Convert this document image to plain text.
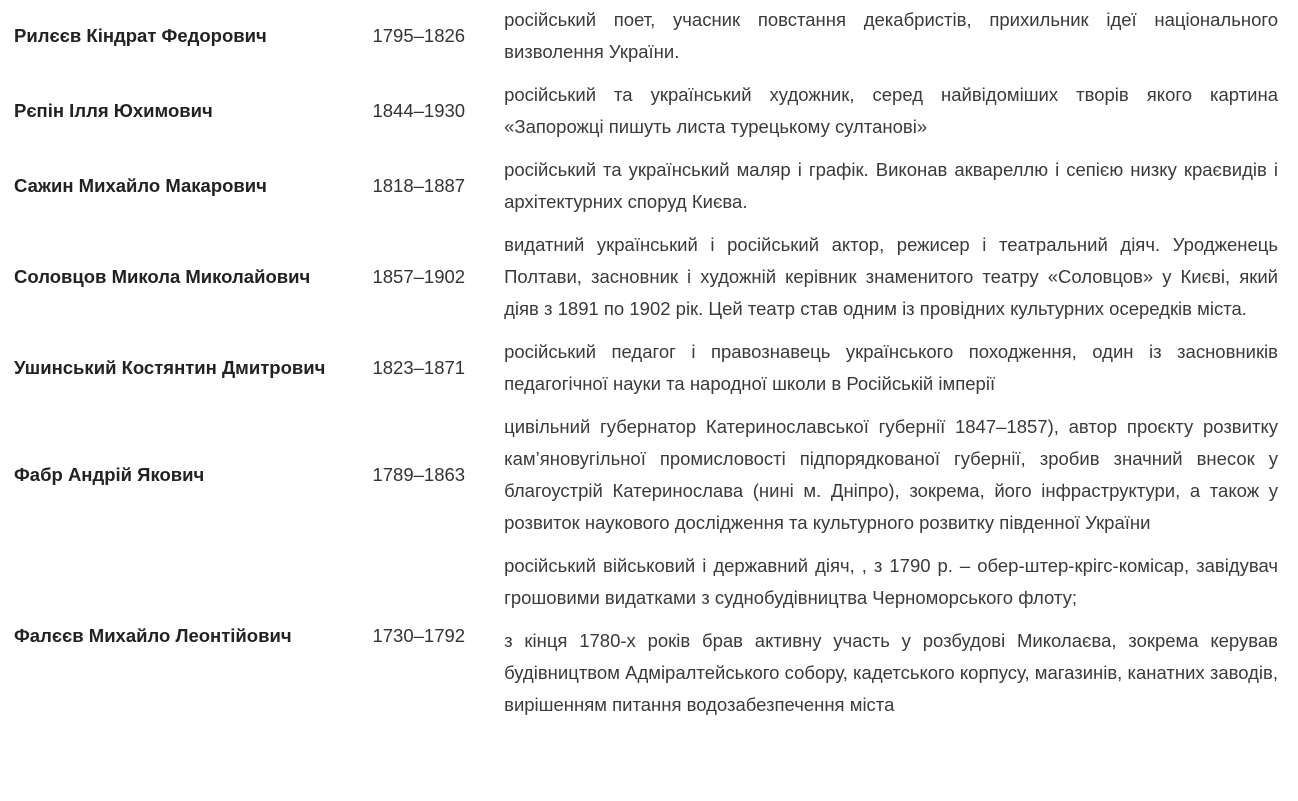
Рилєєв Кіндрат Федорович	1795–1826	російський поет, учасник повстання декабристів, прихильник ідеї національного визволення України.

Рєпін Ілля Юхимович	1844–1930	російський та український художник, серед найвідоміших творів якого картина «Запорожці пишуть листа турецькому султанові»

Сажин Михайло Макарович	1818–1887	російський та український маляр і графік. Виконав аквареллю і сепією низку краєвидів і архітектурних споруд Києва.

Соловцов Микола Миколайович	1857–1902	видатний український і російський актор, режисер і театральний діяч. Уродженець Полтави, засновник і художній керівник знаменитого театру «Соловцов» у Києві, який діяв з 1891 по 1902 рік. Цей театр став одним із провідних культурних осередків міста.

Ушинський Костянтин Дмитрович	1823–1871	російський педагог і правознавець українського походження, один із засновників педагогічної науки та народної школи в Російській імперії

Фабр Андрій Якович	1789–1863	цивільний губернатор Катеринославської губернії 1847–1857), автор проєкту розвитку кам’яновугільної промисловості підпорядкованої губернії, зробив значний внесок у благоустрій Катеринослава (нині м. Дніпро), зокрема, його інфраструктури, а також у розвиток наукового дослідження та культурного розвитку південної України

Фалєєв Михайло Леонтійович	1730–1792	російський військовий і державний діяч, , з 1790 р. – обер-штер-крігс-комісар, завідувач грошовими видатками з суднобудівництва Черноморського флоту;

з кінця 1780-х років брав активну участь у розбудові Миколаєва, зокрема керував будівництвом Адміралтейського собору, кадетського корпусу, магазинів, канатних заводів, вирішенням питання водозабезпечення міста
